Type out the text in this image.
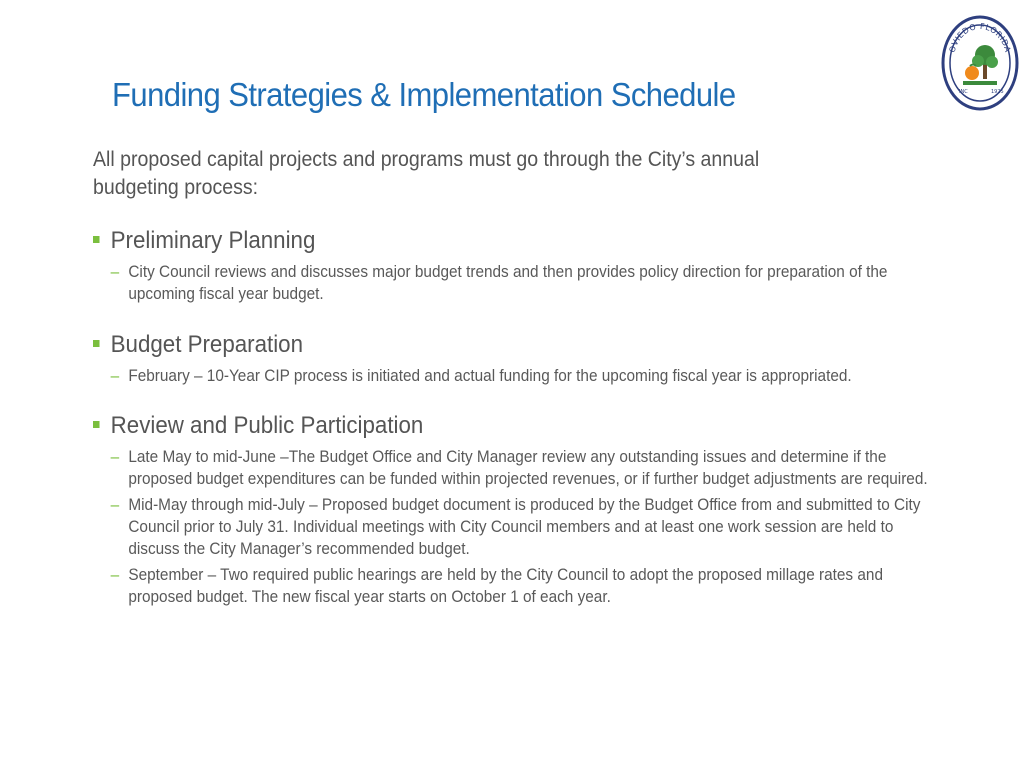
OVIEDO FLORIDA
INC	1925
Funding Strategies & Implementation Schedule

All proposed capital projects and programs must go through the City’s annual budgeting process:

Preliminary Planning
– City Council reviews and discusses major budget trends and then provides policy direction for preparation of the upcoming fiscal year budget.
Budget Preparation
– February – 10-Year CIP process is initiated and actual funding for the upcoming fiscal year is appropriated.
Review and Public Participation
– Late May to mid-June –The Budget Office and City Manager review any outstanding issues and determine if the proposed budget expenditures can be funded within projected revenues, or if further budget adjustments are required.
– Mid-May through mid-July – Proposed budget document is produced by the Budget Office from and submitted to City Council prior to July 31. Individual meetings with City Council members and at least one work session are held to discuss the City Manager’s recommended budget.
– September – Two required public hearings are held by the City Council to adopt the proposed millage rates and proposed budget. The new fiscal year starts on October 1 of each year.
